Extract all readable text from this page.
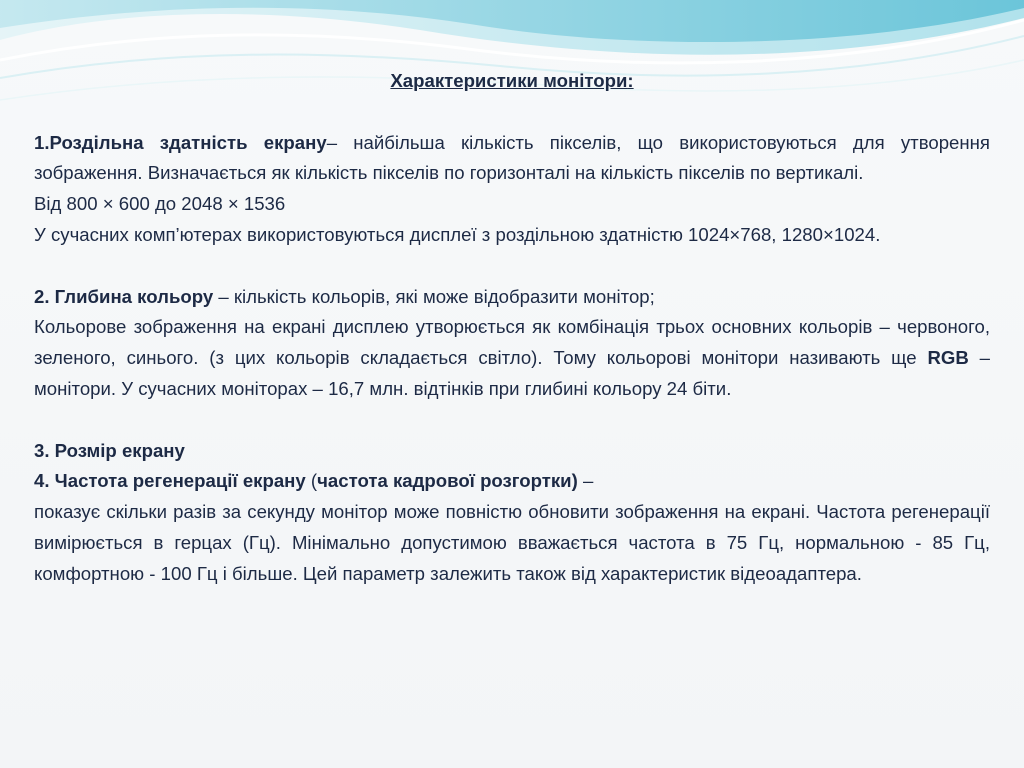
Характеристики монітори:

1.Роздільна здатність екрану– найбільша кількість пікселів, що використовуються для утворення зображення. Визначається як кількість пікселів по горизонталі на кількість пікселів по вертикалі.

Від 800 × 600 до 2048 × 1536

У сучасних комп’ютерах використовуються дисплеї з роздільною здатністю 1024×768, 1280×1024.

2. Глибина кольору – кількість кольорів, які може відобразити монітор;

Кольорове зображення на екрані дисплею утворюється як комбінація трьох основних кольорів – червоного, зеленого, синього. (з цих кольорів складається світло). Тому кольорові монітори називають ще RGB – монітори. У сучасних моніторах – 16,7 млн. відтінків при глибині кольору 24 біти.

3. Розмір екрану

4. Частота регенерації екрану (частота кадрової розгортки) –

показує скільки разів за секунду монітор може повністю обновити зображення на екрані. Частота регенерації вимірюється в герцах (Гц). Мінімально допустимою вважається частота в 75 Гц, нормальною - 85 Гц, комфортною - 100 Гц і більше. Цей параметр залежить також від характеристик відеоадаптера.
